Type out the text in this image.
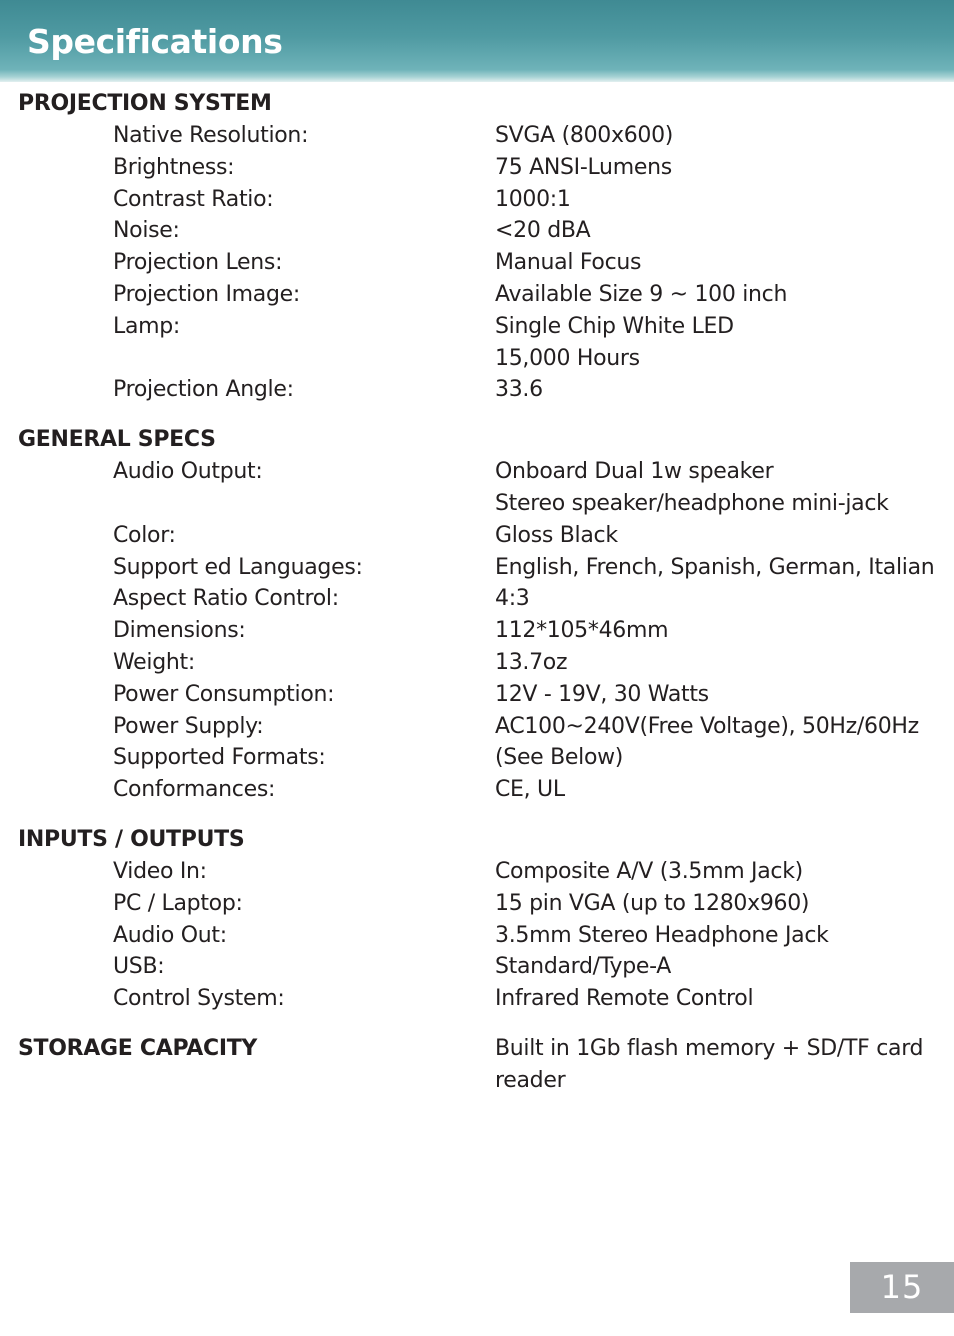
Specifications
PROJECTION SYSTEM
Native Resolution:	SVGA (800x600)
Brightness:	75 ANSI-Lumens
Contrast Ratio:	1000:1
Noise:	<20 dBA
Projection Lens:	Manual Focus
Projection Image:	Available Size 9 ~ 100 inch
Lamp:	Single Chip White LED
15,000 Hours
Projection Angle:	33.6
GENERAL SPECS
Audio Output:	Onboard Dual 1w speaker
Stereo speaker/headphone mini-jack
Color:	Gloss Black
Support ed Languages:	English, French, Spanish, German, Italian
Aspect Ratio Control:	4:3
Dimensions:	112*105*46mm
Weight:	13.7oz
Power Consumption:	12V - 19V, 30 Watts
Power Supply:	AC100~240V(Free Voltage), 50Hz/60Hz
Supported Formats:	(See Below)
Conformances:	CE, UL
INPUTS / OUTPUTS
Video In:	Composite A/V (3.5mm Jack)
PC / Laptop:	15 pin VGA (up to 1280x960)
Audio Out:	3.5mm Stereo Headphone Jack
USB:	Standard/Type-A
Control System:	Infrared Remote Control
STORAGE CAPACITY	Built in 1Gb flash memory + SD/TF card
reader
15
